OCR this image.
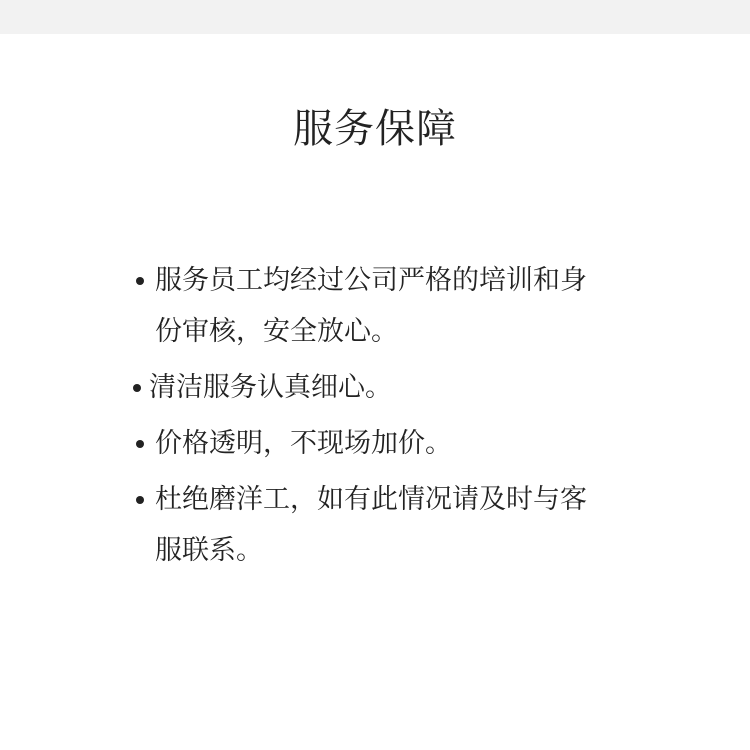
服务保障
服务员工均经过公司严格的培训和身份审核，安全放心。
清洁服务认真细心。
价格透明，不现场加价。
杜绝磨洋工，如有此情况请及时与客服联系。
